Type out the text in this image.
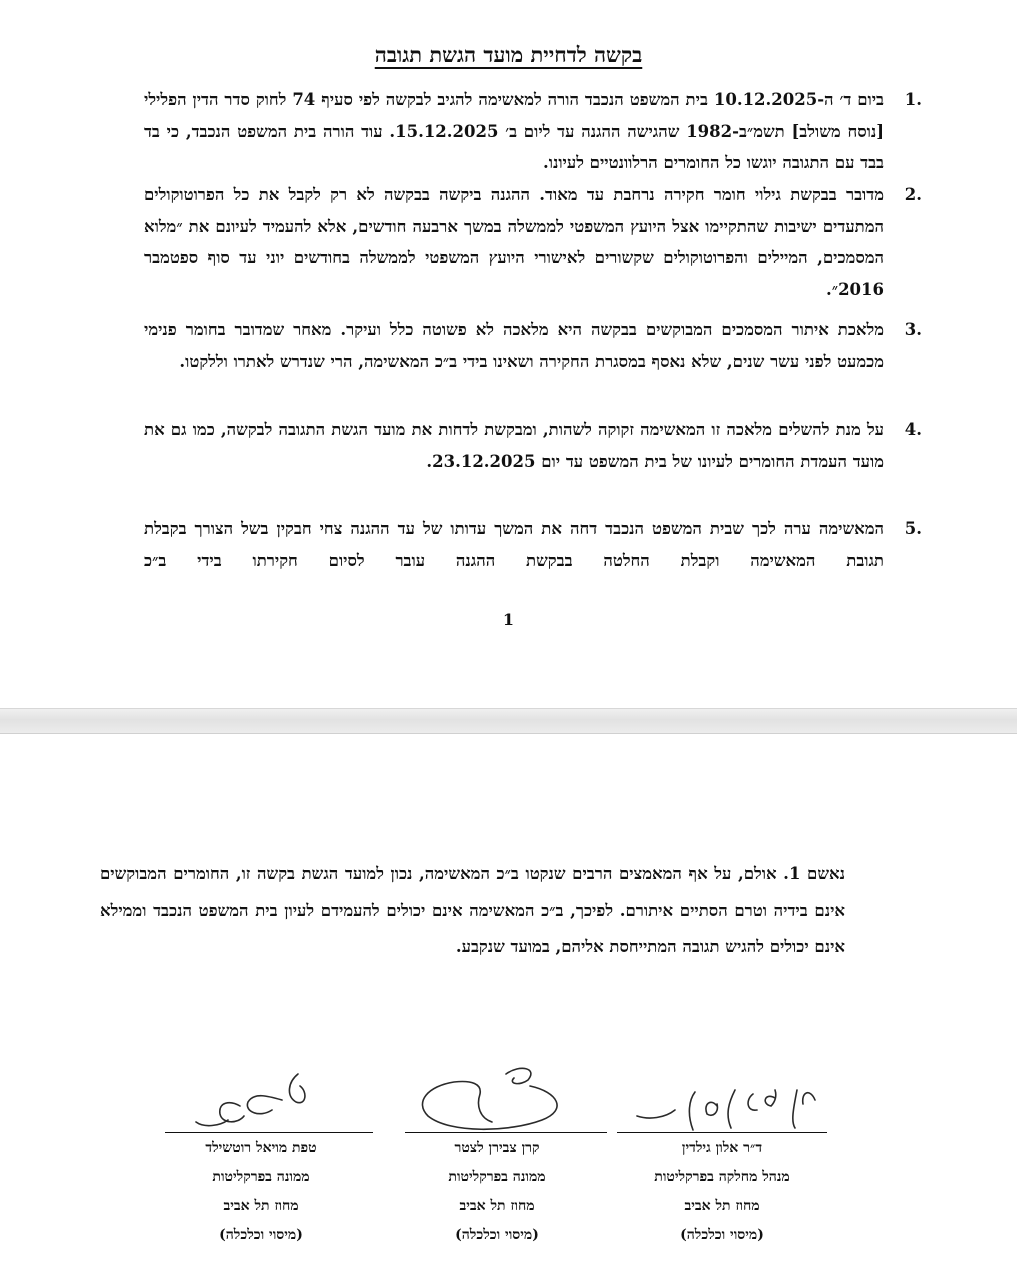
בקשה לדחיית מועד הגשת תגובה
1.
ביום ד׳ ה-10.12.2025 בית המשפט הנכבד הורה למאשימה להגיב לבקשה לפי סעיף 74 לחוק סדר הדין הפלילי [נוסח משולב] תשמ״ב-1982 שהגישה ההגנה עד ליום ב׳ 15.12.2025. עוד הורה בית המשפט הנכבד, כי בד בבד עם התגובה יוגשו כל החומרים הרלוונטיים לעיונו.
2.
מדובר בבקשת גילוי חומר חקירה נרחבת עד מאוד. ההגנה ביקשה בבקשה לא רק לקבל את כל הפרוטוקולים המתעדים ישיבות שהתקיימו אצל היועץ המשפטי לממשלה במשך ארבעה חודשים, אלא להעמיד לעיונם את ״מלוא המסמכים, המיילים והפרוטוקולים שקשורים לאישורי היועץ המשפטי לממשלה בחודשים יוני עד סוף ספטמבר 2016״.
3.
מלאכת איתור המסמכים המבוקשים בבקשה היא מלאכה לא פשוטה כלל ועיקר. מאחר שמדובר בחומר פנימי מכמעט לפני עשר שנים, שלא נאסף במסגרת החקירה ושאינו בידי ב״כ המאשימה, הרי שנדרש לאתרו וללקטו.
4.
על מנת להשלים מלאכה זו המאשימה זקוקה לשהות, ומבקשת לדחות את מועד הגשת התגובה לבקשה, כמו גם את מועד העמדת החומרים לעיונו של בית המשפט עד יום 23.12.2025.
5.
המאשימה ערה לכך שבית המשפט הנכבד דחה את המשך עדותו של עד ההגנה צחי חבקין בשל הצורך בקבלת תגובת המאשימה וקבלת החלטה בבקשת ההגנה עובר לסיום חקירתו בידי ב״כ
1
נאשם 1. אולם, על אף המאמצים הרבים שנקטו ב״כ המאשימה, נכון למועד הגשת בקשה זו, החומרים המבוקשים אינם בידיה וטרם הסתיים איתורם. לפיכך, ב״כ המאשימה אינם יכולים להעמידם לעיון בית המשפט הנכבד וממילא אינם יכולים להגיש תגובה המתייחסת אליהם, במועד שנקבע.
ד״ר אלון גילדין
מנהל מחלקה בפרקליטות
מחוז תל אביב
(מיסוי וכלכלה)
קרן צבירן לצטר
ממונה בפרקליטות
מחוז תל אביב
(מיסוי וכלכלה)
טפת מויאל רוטשילד
ממונה בפרקליטות
מחוז תל אביב
(מיסוי וכלכלה)
